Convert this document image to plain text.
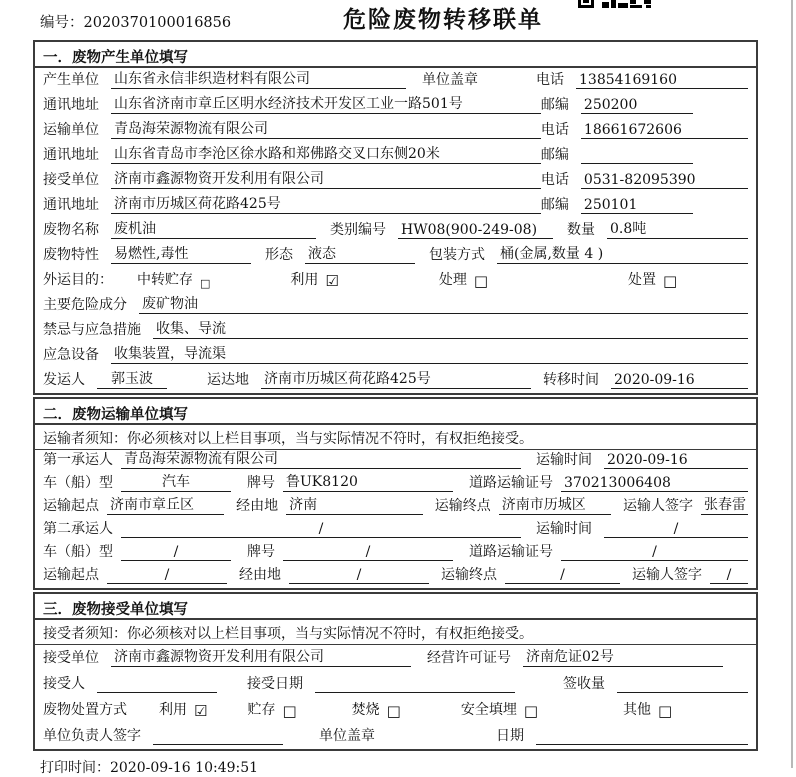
编号：2020370100016856	危险废物转移联单
一．废物产生单位填写
产生单位 山东省永信非织造材料有限公司	单位盖章	电话 13854169160
通讯地址 山东省济南市章丘区明水经济技术开发区工业一路501号	邮编 250200
运输单位 青岛海荣源物流有限公司	电话 18661672606
通讯地址 山东省青岛市李沧区徐水路和郑佛路交叉口东侧20米	邮编
接受单位 济南市鑫源物资开发利用有限公司	电话 0531-82095390
通讯地址 济南市历城区荷花路425号	邮编 250101
废物名称 废机油	类别编号 HW08(900-249-08)	数量 0.8吨
废物特性 易燃性,毒性	形态 液态	包装方式 桶(金属,数量 4 )
外运目的： 中转贮存 □	利用 ☑	处理 □	处置 □
主要危险成分 废矿物油
禁忌与应急措施 收集、导流
应急设备 收集装置，导流渠
发运人	郭玉波	运达地 济南市历城区荷花路425号	转移时间 2020-09-16
二．废物运输单位填写
运输者须知：你必须核对以上栏目事项，当与实际情况不符时，有权拒绝接受。
第一承运人 青岛海荣源物流有限公司	运输时间 2020-09-16
车（船）型	汽车	牌号 鲁UK8120	道路运输证号 370213006408
运输起点 济南市章丘区	经由地 济南	运输终点 济南市历城区	运输人签字 张春雷
第二承运人	/	运输时间	/
车（船）型	/	牌号	/	道路运输证号	/
运输起点	/	经由地	/	运输终点	/	运输人签字	/
三．废物接受单位填写
接受者须知：你必须核对以上栏目事项，当与实际情况不符时，有权拒绝接受。
接受单位 济南市鑫源物资开发利用有限公司	经营许可证号 济南危证02号
接受人	接受日期	签收量
废物处置方式 利用 ☑	贮存 □	焚烧 □	安全填埋 □	其他 □
单位负责人签字	单位盖章	日期
打印时间：2020-09-16 10:49:51
